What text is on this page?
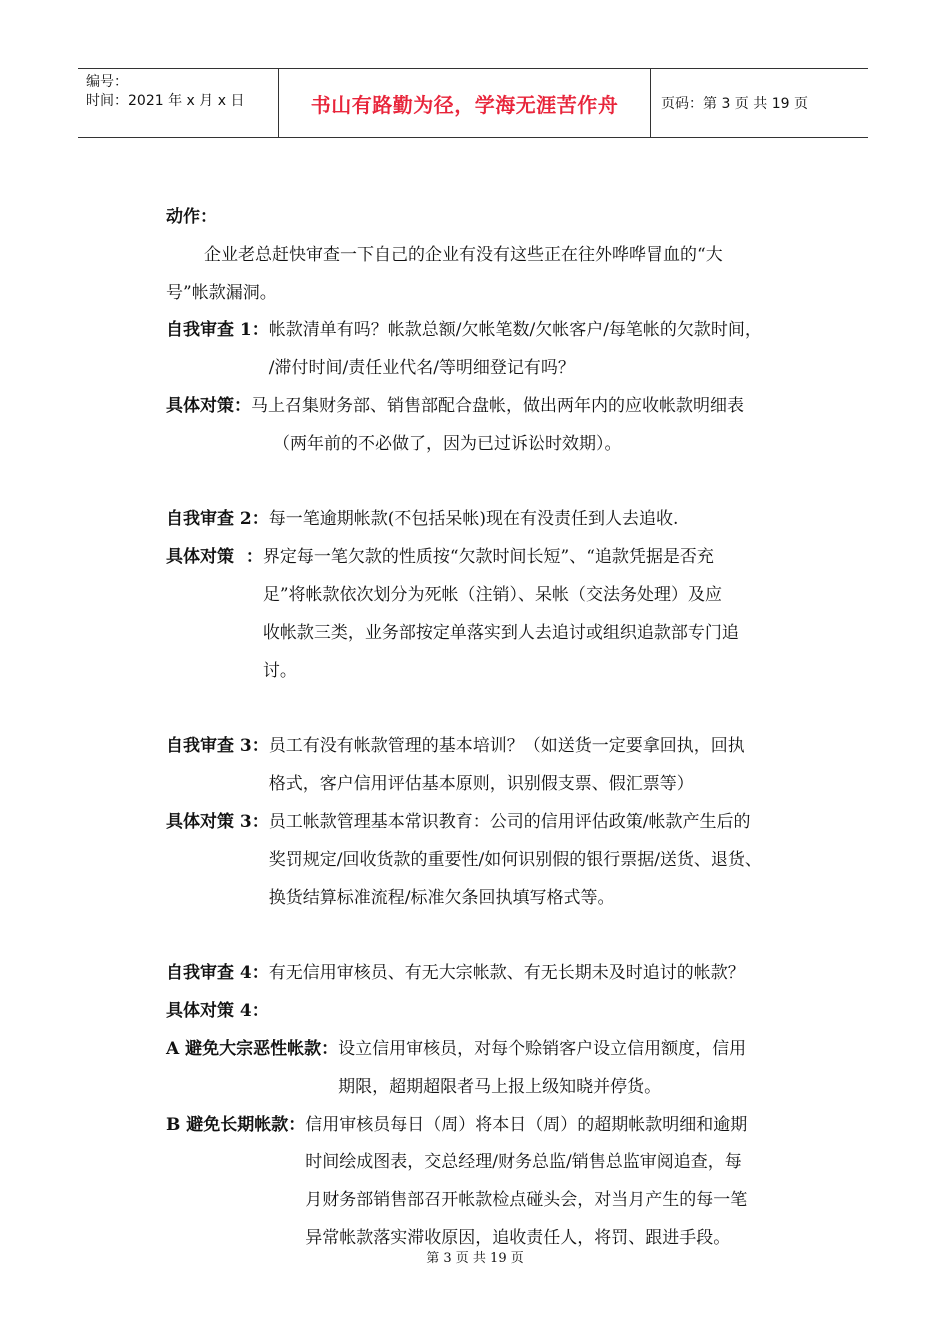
编号：
时间：2021 年 x 月 x 日	书山有路勤为径，学海无涯苦作舟	页码：第 3 页 共 19 页
动作：
企业老总赶快审查一下自己的企业有没有这些正在往外哗哗冒血的“大
号”帐款漏洞。
自我审查 1： 帐款清单有吗？帐款总额/欠帐笔数/欠帐客户/每笔帐的欠款时间，
/滞付时间/责任业代名/等明细登记有吗？
具体对策： 马上召集财务部、销售部配合盘帐，做出两年内的应收帐款明细表
（两年前的不必做了，因为已过诉讼时效期）。
自我审查 2： 每一笔逾期帐款(不包括呆帐)现在有没责任到人去追收.
具体对策  ： 界定每一笔欠款的性质按“欠款时间长短”、“追款凭据是否充
足”将帐款依次划分为死帐（注销）、呆帐（交法务处理）及应
收帐款三类，业务部按定单落实到人去追讨或组织追款部专门追
讨。
自我审查 3： 员工有没有帐款管理的基本培训？（如送货一定要拿回执，回执
格式，客户信用评估基本原则，识别假支票、假汇票等）
具体对策 3： 员工帐款管理基本常识教育：公司的信用评估政策/帐款产生后的
奖罚规定/回收货款的重要性/如何识别假的银行票据/送货、退货、
换货结算标准流程/标准欠条回执填写格式等。
自我审查 4： 有无信用审核员、有无大宗帐款、有无长期未及时追讨的帐款？
具体对策 4：
A 避免大宗恶性帐款： 设立信用审核员，对每个赊销客户设立信用额度，信用
期限，超期超限者马上报上级知晓并停货。
B 避免长期帐款： 信用审核员每日（周）将本日（周）的超期帐款明细和逾期
时间绘成图表，交总经理/财务总监/销售总监审阅追查，每
月财务部销售部召开帐款检点碰头会，对当月产生的每一笔
异常帐款落实滞收原因，追收责任人，将罚、跟进手段。
第 3 页 共 19 页
